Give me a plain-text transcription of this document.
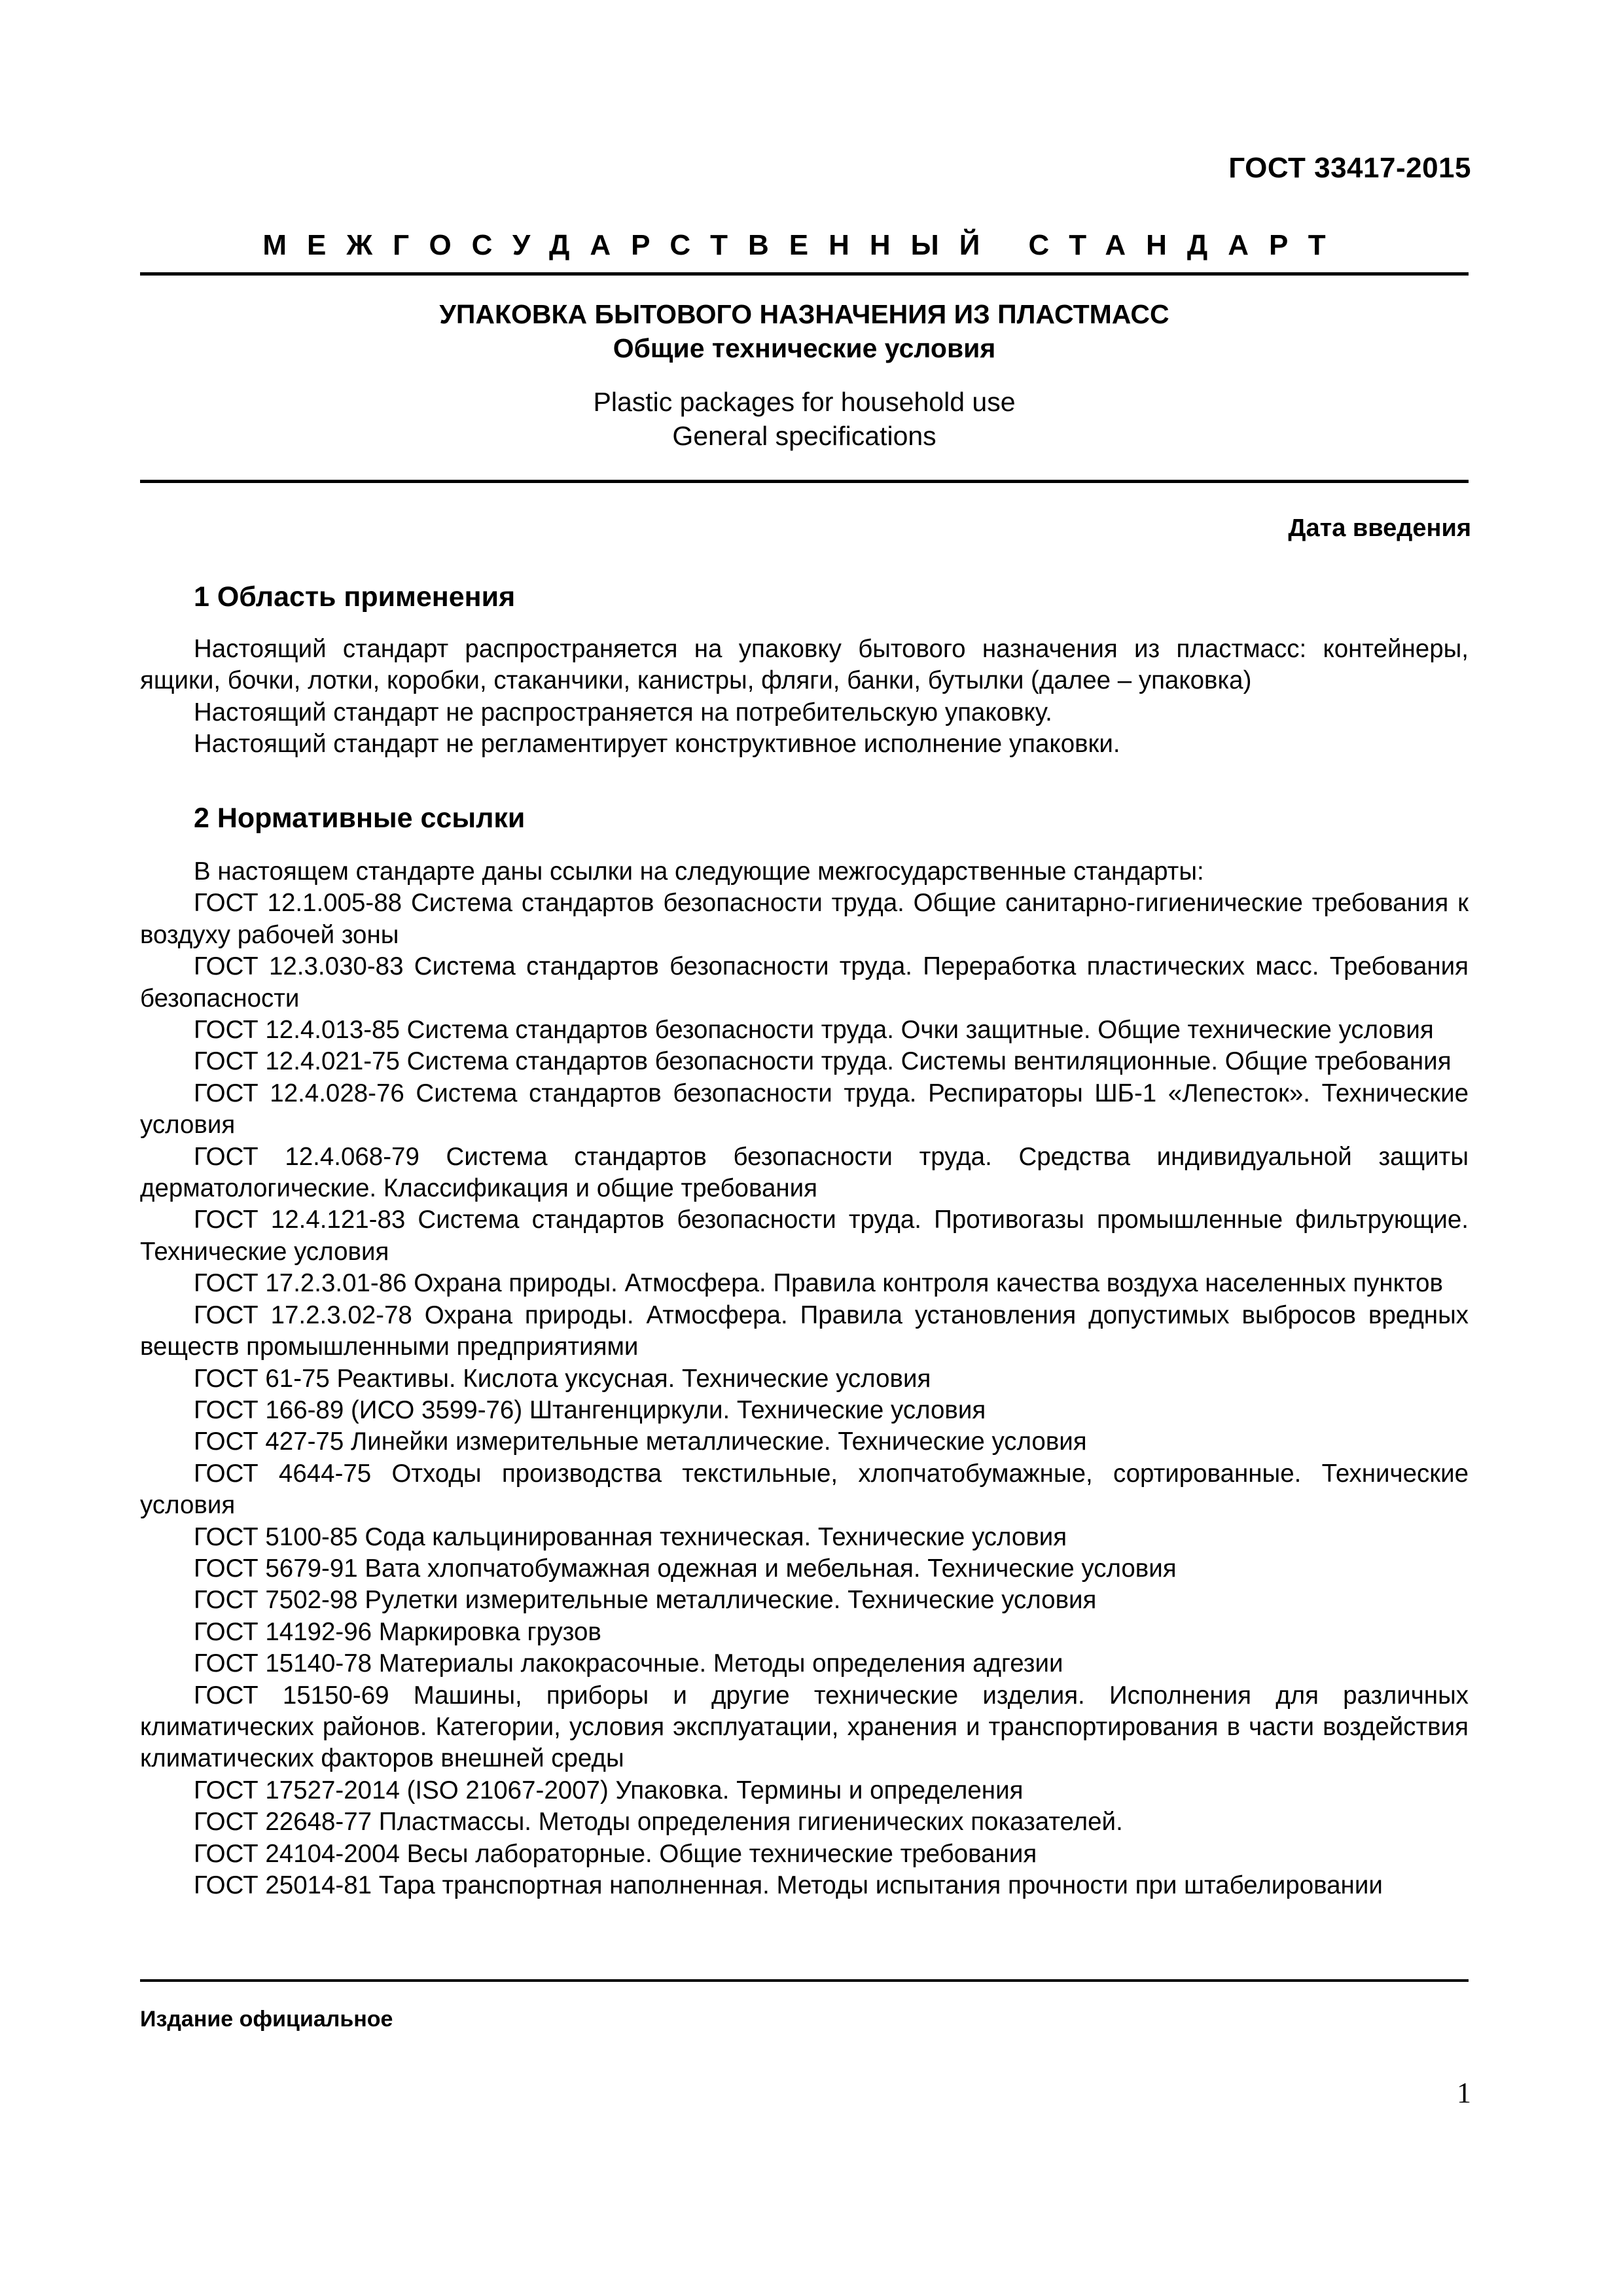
ГОСТ 33417-2015
МЕЖГОСУДАРСТВЕННЫЙ СТАНДАРТ
УПАКОВКА БЫТОВОГО НАЗНАЧЕНИЯ ИЗ ПЛАСТМАСС
Общие технические условия
Plastic packages for household use
General specifications
Дата введения
1 Область применения

Настоящий стандарт распространяется на упаковку бытового назначения из пластмасс: контейнеры, ящики, бочки, лотки, коробки, стаканчики, канистры, фляги, банки, бутылки (далее – упаковка)

Настоящий стандарт не распространяется на потребительскую упаковку.

Настоящий стандарт не регламентирует конструктивное исполнение упаковки.

2 Нормативные ссылки

В настоящем стандарте даны ссылки на следующие межгосударственные стандарты:

ГОСТ 12.1.005-88 Система стандартов безопасности труда. Общие санитарно-гигиенические требования к воздуху рабочей зоны

ГОСТ 12.3.030-83 Система стандартов безопасности труда. Переработка пластических масс. Требования безопасности

ГОСТ 12.4.013-85 Система стандартов безопасности труда. Очки защитные. Общие технические условия

ГОСТ 12.4.021-75 Система стандартов безопасности труда. Системы вентиляционные. Общие требования

ГОСТ 12.4.028-76 Система стандартов безопасности труда. Респираторы ШБ-1 «Лепесток». Технические условия

ГОСТ 12.4.068-79 Система стандартов безопасности труда. Средства индивидуальной защиты дерматологические. Классификация и общие требования

ГОСТ 12.4.121-83 Система стандартов безопасности труда. Противогазы промышленные фильтрующие. Технические условия

ГОСТ 17.2.3.01-86 Охрана природы. Атмосфера. Правила контроля качества воздуха населенных пунктов

ГОСТ 17.2.3.02-78 Охрана природы. Атмосфера. Правила установления допустимых выбросов вредных веществ промышленными предприятиями

ГОСТ 61-75 Реактивы. Кислота уксусная. Технические условия

ГОСТ 166-89 (ИСО 3599-76) Штангенциркули. Технические условия

ГОСТ 427-75 Линейки измерительные металлические. Технические условия

ГОСТ 4644-75 Отходы производства текстильные, хлопчатобумажные, сортированные. Технические условия

ГОСТ 5100-85 Сода кальцинированная техническая. Технические условия

ГОСТ 5679-91 Вата хлопчатобумажная одежная и мебельная. Технические условия

ГОСТ 7502-98 Рулетки измерительные металлические. Технические условия

ГОСТ 14192-96 Маркировка грузов

ГОСТ 15140-78 Материалы лакокрасочные. Методы определения адгезии

ГОСТ 15150-69 Машины, приборы и другие технические изделия. Исполнения для различных климатических районов. Категории, условия эксплуатации, хранения и транспортирования в части воздействия климатических факторов внешней среды

ГОСТ 17527-2014 (ISO 21067-2007) Упаковка. Термины и определения

ГОСТ 22648-77 Пластмассы. Методы определения гигиенических показателей.

ГОСТ 24104-2004 Весы лабораторные. Общие технические требования

ГОСТ 25014-81 Тара транспортная наполненная. Методы испытания прочности при штабелировании

Издание официальное
1
